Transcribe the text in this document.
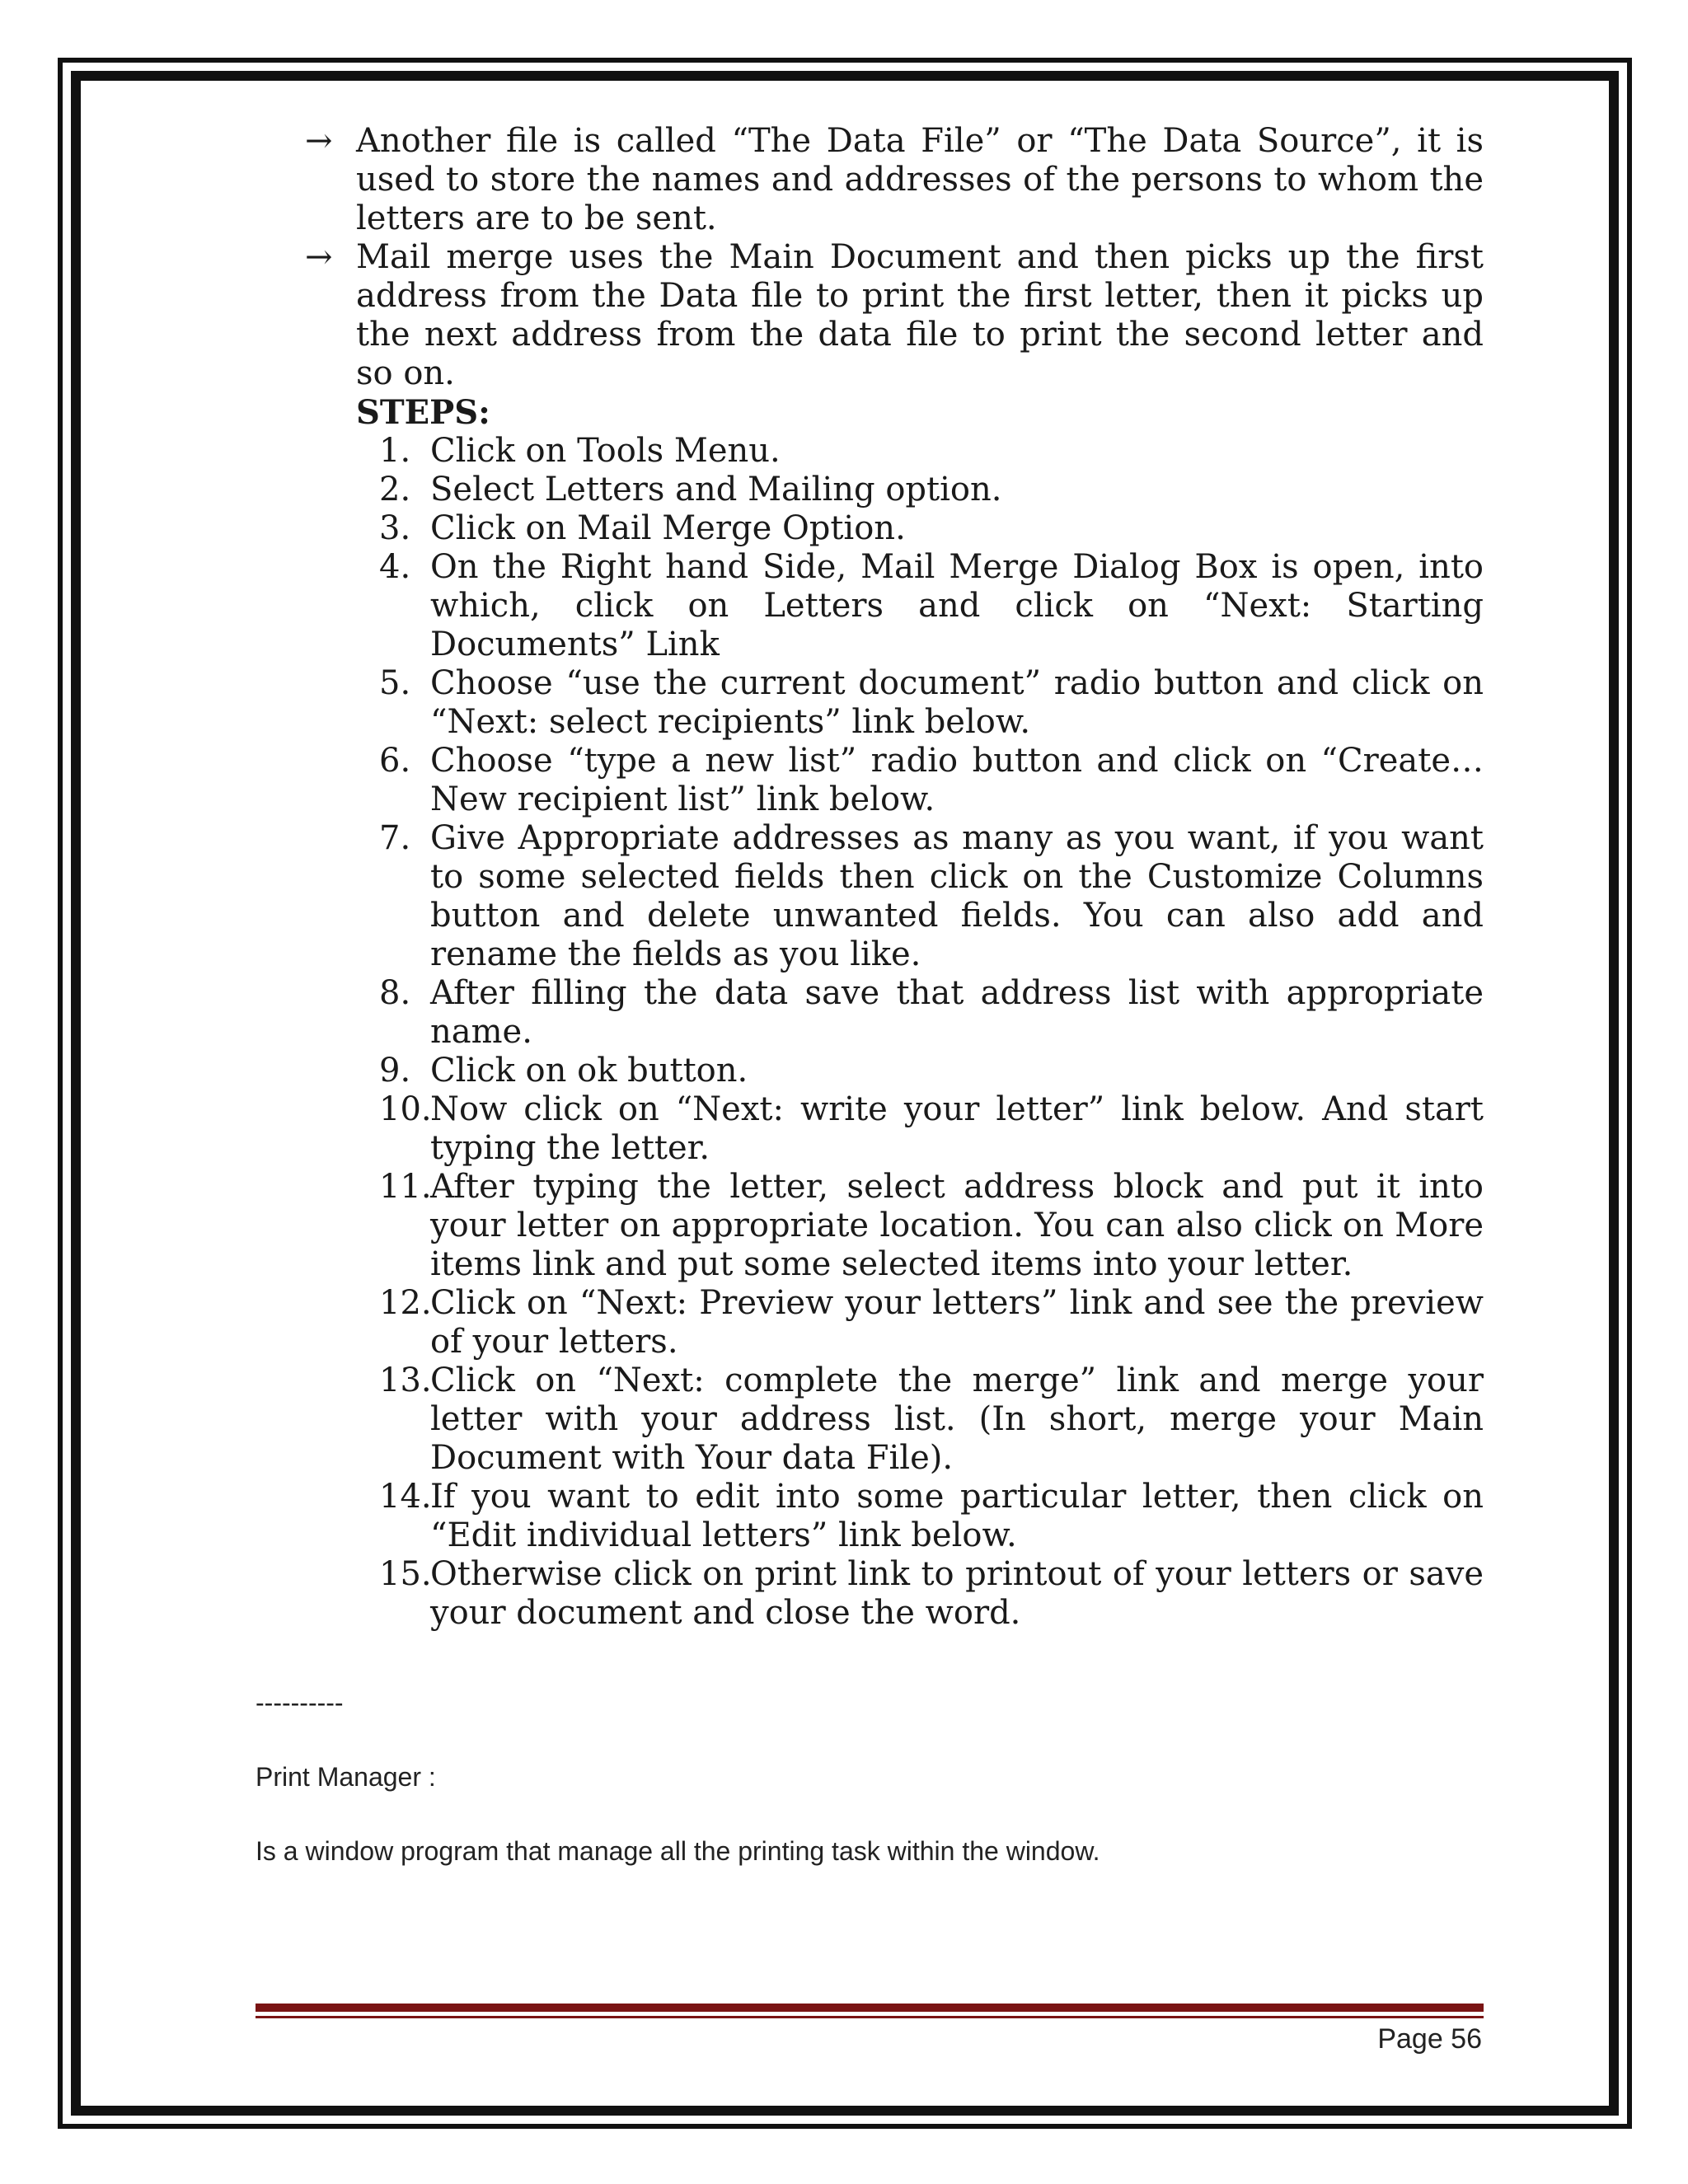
→ Another file is called “The Data File” or “The Data Source”, it is used to store the names and addresses of the persons to whom the letters are to be sent.
→ Mail merge uses the Main Document and then picks up the first address from the Data file to print the first letter, then it picks up the next address from the data file to print the second letter and so on.
STEPS:
1. Click on Tools Menu.
2. Select Letters and Mailing option.
3. Click on Mail Merge Option.
4. On the Right hand Side, Mail Merge Dialog Box is open, into which, click on Letters and click on “Next: Starting Documents” Link
5. Choose “use the current document” radio button and click on “Next: select recipients” link below.
6. Choose “type a new list” radio button and click on “Create… New recipient list” link below.
7. Give Appropriate addresses as many as you want, if you want to some selected fields then click on the Customize Columns button and delete unwanted fields. You can also add and rename the fields as you like.
8. After filling the data save that address list with appropriate name.
9. Click on ok button.
10.
Now click on “Next: write your letter” link below. And start typing the letter.
11.
After typing the letter, select address block and put it into your letter on appropriate location. You can also click on More items link and put some selected items into your letter.
12.
Click on “Next: Preview your letters” link and see the preview of your letters.
13.
Click on “Next: complete the merge” link and merge your letter with your address list. (In short, merge your Main Document with Your data File).
14.
If you want to edit into some particular letter, then click on “Edit individual letters” link below.
15.
Otherwise click on print link to printout of your letters or save your document and close the word.
----------
Print Manager :
Is a window program that manage all the printing task within the window.
Page 56
